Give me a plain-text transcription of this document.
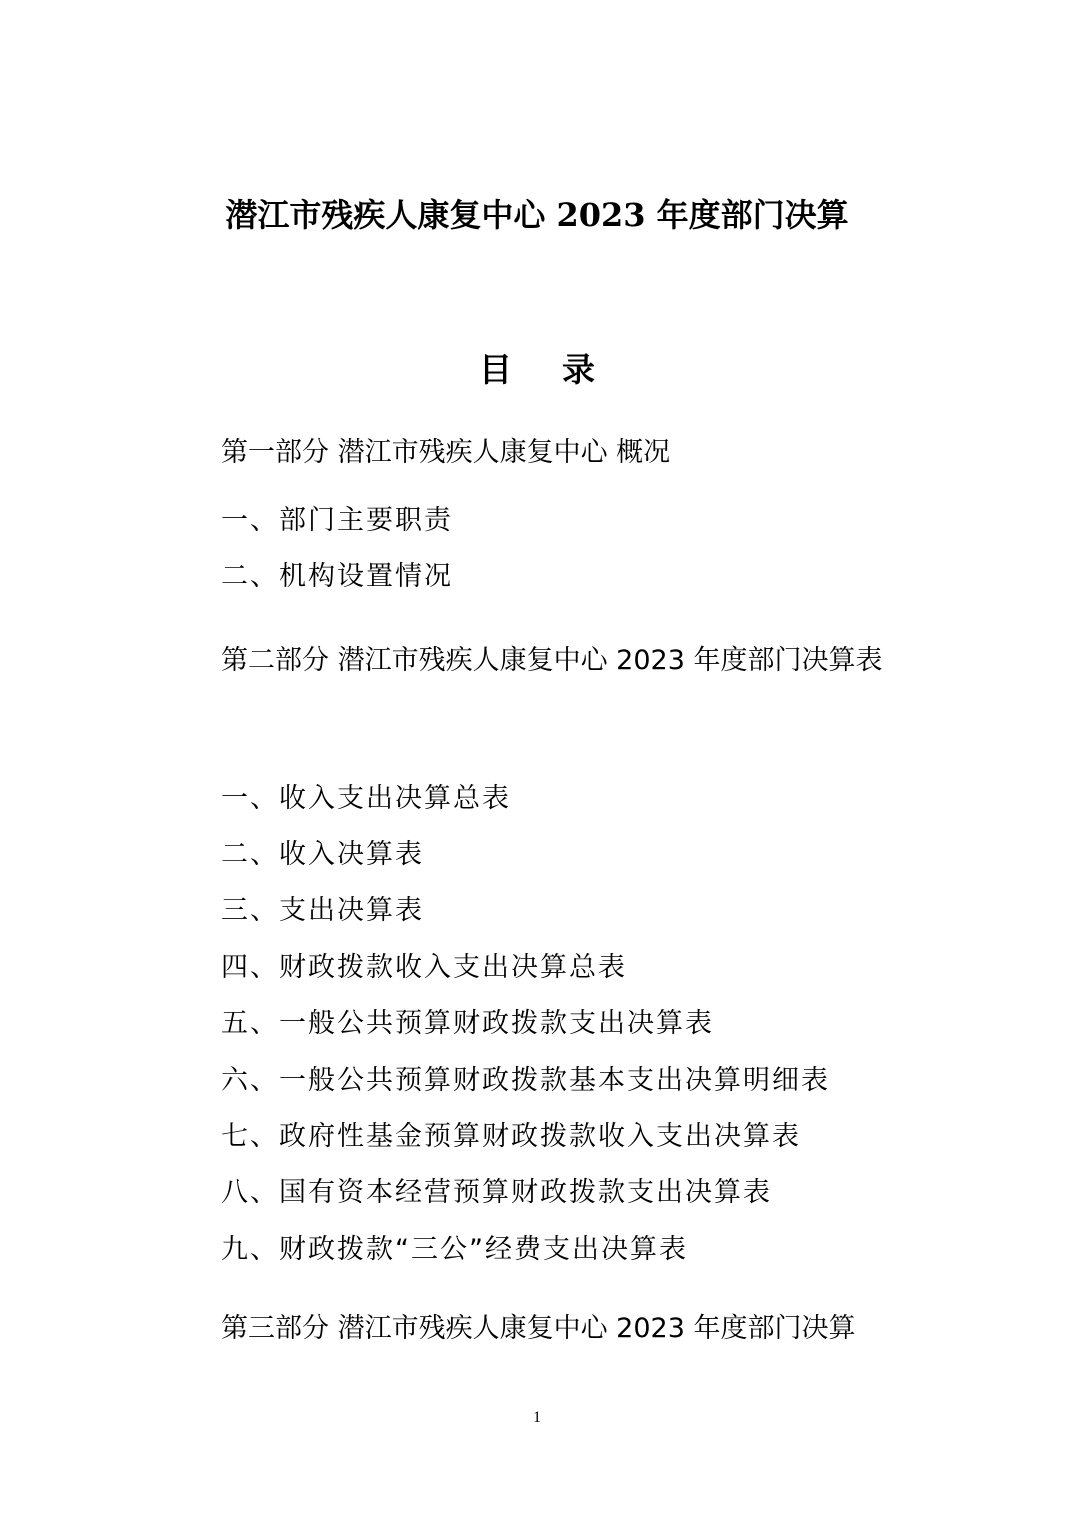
潜江市残疾人康复中心 2023 年度部门决算
目录
第一部分 潜江市残疾人康复中心 概况
一、部门主要职责
二、机构设置情况
第二部分 潜江市残疾人康复中心 2023 年度部门决算表
一、收入支出决算总表
二、收入决算表
三、支出决算表
四、财政拨款收入支出决算总表
五、一般公共预算财政拨款支出决算表
六、一般公共预算财政拨款基本支出决算明细表
七、政府性基金预算财政拨款收入支出决算表
八、国有资本经营预算财政拨款支出决算表
九、财政拨款“三公”经费支出决算表
第三部分 潜江市残疾人康复中心 2023 年度部门决算
1
